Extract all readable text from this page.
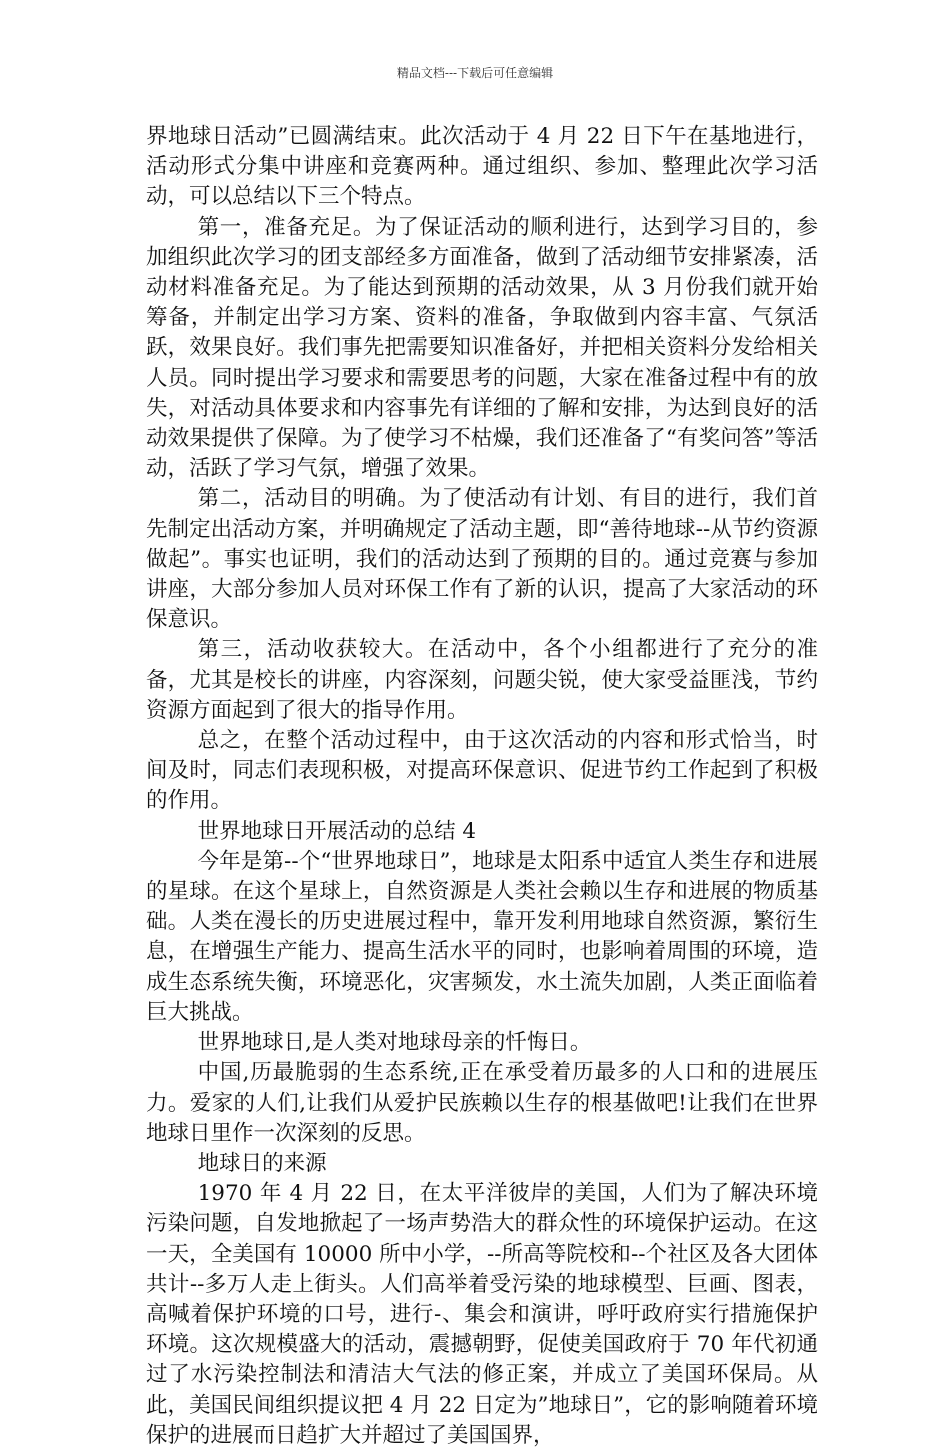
精品文档---下载后可任意编辑

界地球日活动”已圆满结束。此次活动于 4 月 22 日下午在基地进行，活动形式分集中讲座和竞赛两种。通过组织、参加、整理此次学习活动，可以总结以下三个特点。

第一，准备充足。为了保证活动的顺利进行，达到学习目的，参加组织此次学习的团支部经多方面准备，做到了活动细节安排紧凑，活动材料准备充足。为了能达到预期的活动效果，从 3 月份我们就开始筹备，并制定出学习方案、资料的准备，争取做到内容丰富、气氛活跃，效果良好。我们事先把需要知识准备好，并把相关资料分发给相关人员。同时提出学习要求和需要思考的问题，大家在准备过程中有的放失，对活动具体要求和内容事先有详细的了解和安排，为达到良好的活动效果提供了保障。为了使学习不枯燥，我们还准备了“有奖问答”等活动，活跃了学习气氛，增强了效果。

第二，活动目的明确。为了使活动有计划、有目的进行，我们首先制定出活动方案，并明确规定了活动主题，即“善待地球--从节约资源做起”。事实也证明，我们的活动达到了预期的目的。通过竞赛与参加讲座，大部分参加人员对环保工作有了新的认识，提高了大家活动的环保意识。

第三，活动收获较大。在活动中，各个小组都进行了充分的准备，尤其是校长的讲座，内容深刻，问题尖锐，使大家受益匪浅，节约资源方面起到了很大的指导作用。

总之，在整个活动过程中，由于这次活动的内容和形式恰当，时间及时，同志们表现积极，对提高环保意识、促进节约工作起到了积极的作用。

世界地球日开展活动的总结 4

今年是第--个“世界地球日”，地球是太阳系中适宜人类生存和进展的星球。在这个星球上，自然资源是人类社会赖以生存和进展的物质基础。人类在漫长的历史进展过程中，靠开发利用地球自然资源，繁衍生息，在增强生产能力、提高生活水平的同时，也影响着周围的环境，造成生态系统失衡，环境恶化，灾害频发，水土流失加剧，人类正面临着巨大挑战。

世界地球日,是人类对地球母亲的忏悔日。

中国,历最脆弱的生态系统,正在承受着历最多的人口和的进展压力。爱家的人们,让我们从爱护民族赖以生存的根基做吧!让我们在世界地球日里作一次深刻的反思。

地球日的来源

1970 年 4 月 22 日，在太平洋彼岸的美国，人们为了解决环境污染问题，自发地掀起了一场声势浩大的群众性的环境保护运动。在这一天，全美国有 10000 所中小学，--所高等院校和--个社区及各大团体共计--多万人走上街头。人们高举着受污染的地球模型、巨画、图表，高喊着保护环境的口号，进行-、集会和演讲，呼吁政府实行措施保护环境。这次规模盛大的活动，震撼朝野，促使美国政府于 70 年代初通过了水污染控制法和清洁大气法的修正案，并成立了美国环保局。从此，美国民间组织提议把 4 月 22 日定为”地球日”，它的影响随着环境保护的进展而日趋扩大并超过了美国国界，
